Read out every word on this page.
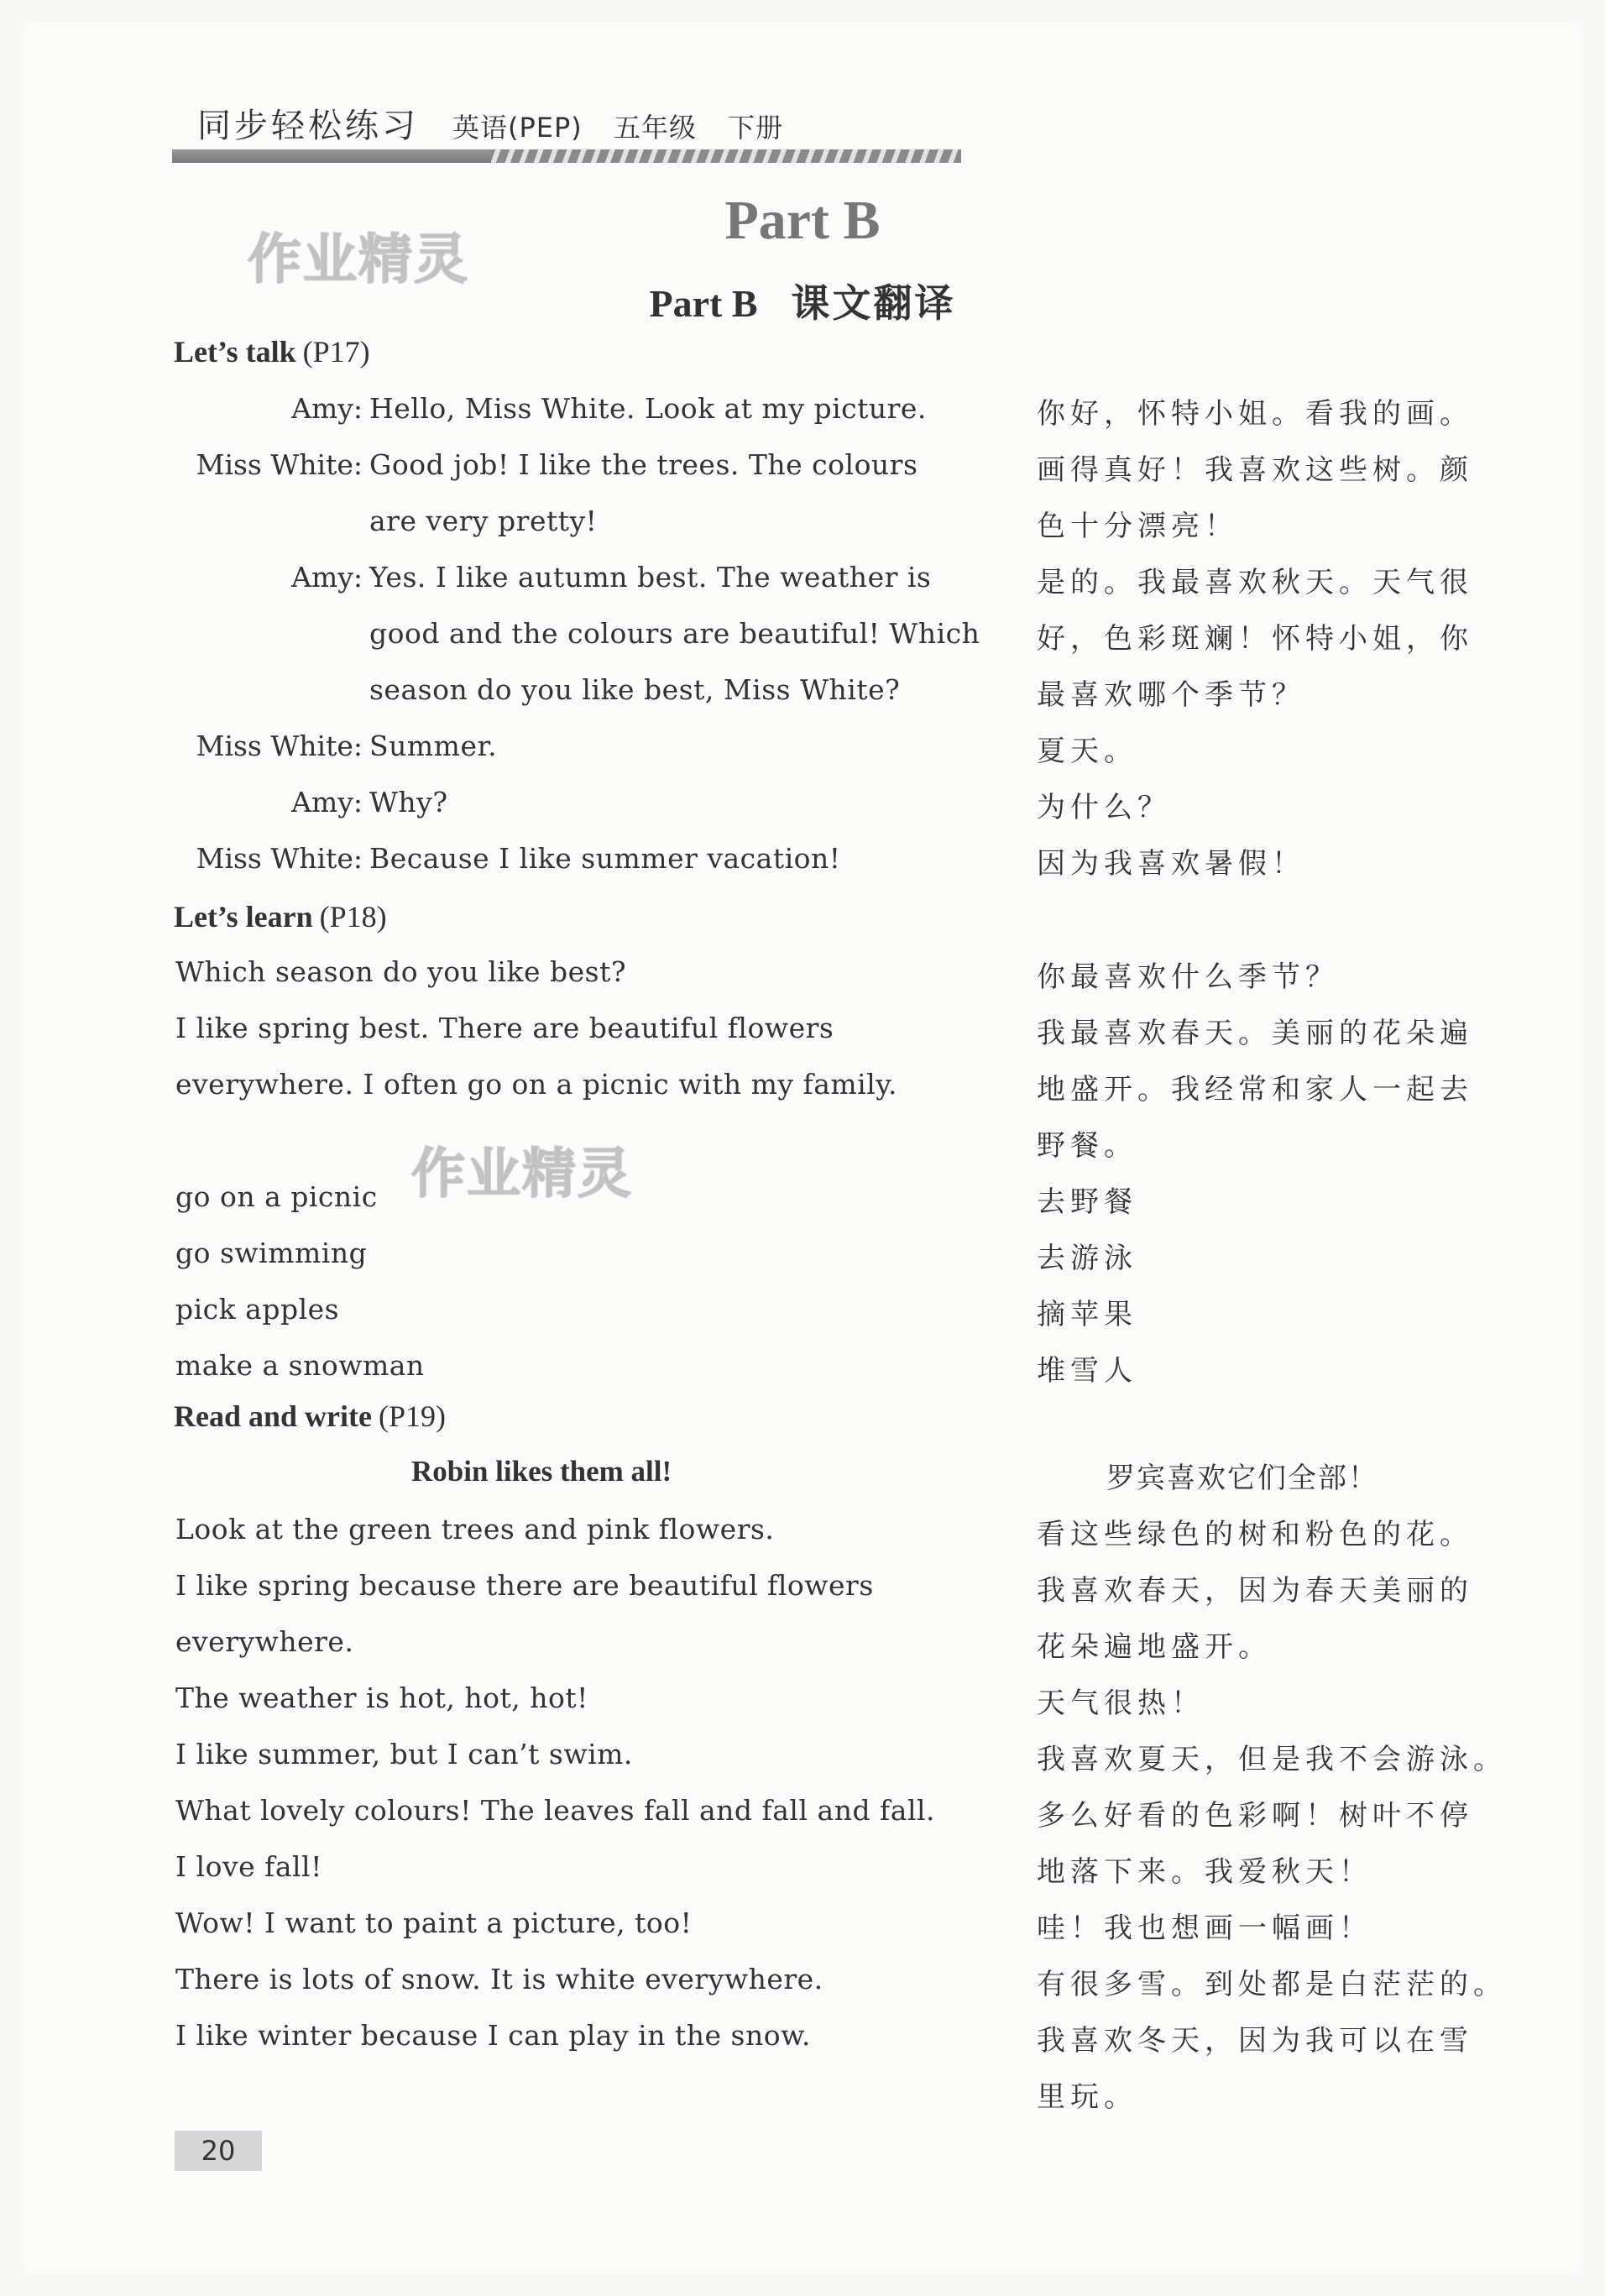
同步轻松练习 英语(PEP) 五年级 下册
作业精灵
作业精灵
Part B
Part B 课文翻译
Let’s talk (P17)
Amy: Hello, Miss White. Look at my picture.	你好，怀特小姐。看我的画。
Miss White: Good job! I like the trees. The colours	画得真好！我喜欢这些树。颜
are very pretty!	色十分漂亮！
Amy: Yes. I like autumn best. The weather is	是的。我最喜欢秋天。天气很
good and the colours are beautiful! Which 好，色彩斑斓！怀特小姐，你
season do you like best, Miss White?	最喜欢哪个季节？
Miss White: Summer.	夏天。
Amy: Why?	为什么？
Miss White: Because I like summer vacation!	因为我喜欢暑假！
Let’s learn (P18)
Which season do you like best?	你最喜欢什么季节？
I like spring best. There are beautiful flowers	我最喜欢春天。美丽的花朵遍
everywhere. I often go on a picnic with my family.	地盛开。我经常和家人一起去
野餐。
go on a picnic	去野餐
go swimming	去游泳
pick apples	摘苹果
make a snowman	堆雪人
Read and write (P19)
Robin likes them all!	罗宾喜欢它们全部！
Look at the green trees and pink flowers.	看这些绿色的树和粉色的花。
I like spring because there are beautiful flowers	我喜欢春天，因为春天美丽的
everywhere.	花朵遍地盛开。
The weather is hot, hot, hot!	天气很热！
I like summer, but I can’t swim.	我喜欢夏天，但是我不会游泳。
What lovely colours! The leaves fall and fall and fall.	多么好看的色彩啊！树叶不停
I love fall!	地落下来。我爱秋天！
Wow! I want to paint a picture, too!	哇！我也想画一幅画！
There is lots of snow. It is white everywhere.	有很多雪。到处都是白茫茫的。
I like winter because I can play in the snow.	我喜欢冬天，因为我可以在雪
里玩。
20
